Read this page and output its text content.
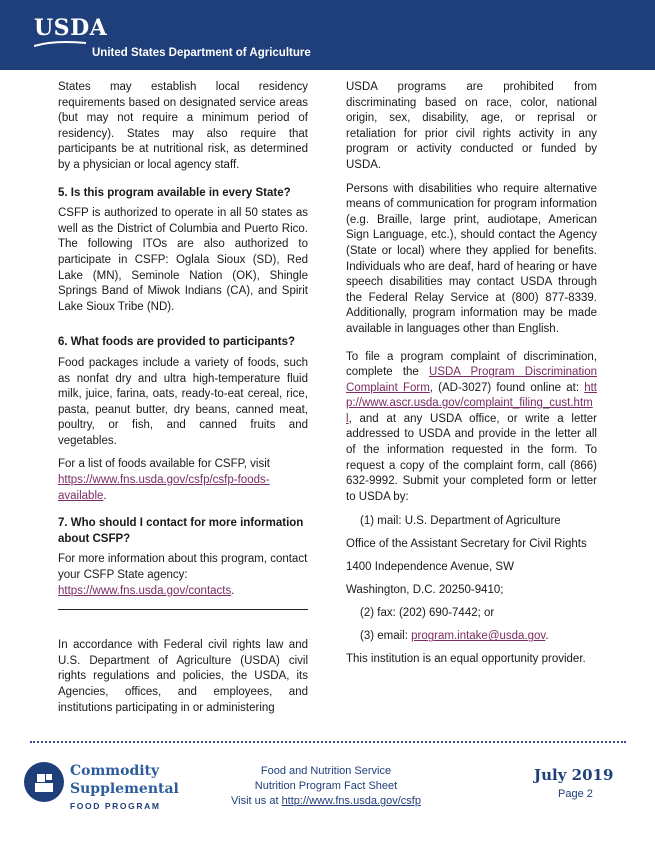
USDA
United States Department of Agriculture

States may establish local residency requirements based on designated service areas (but may not require a minimum period of residency). States may also require that participants be at nutritional risk, as determined by a physician or local agency staff.

5. Is this program available in every State?

CSFP is authorized to operate in all 50 states as well as the District of Columbia and Puerto Rico. The following ITOs are also authorized to participate in CSFP: Oglala Sioux (SD), Red Lake (MN), Seminole Nation (OK), Shingle Springs Band of Miwok Indians (CA), and Spirit Lake Sioux Tribe (ND).

6. What foods are provided to participants?

Food packages include a variety of foods, such as nonfat dry and ultra high-temperature fluid milk, juice, farina, oats, ready-to-eat cereal, rice, pasta, peanut butter, dry beans, canned meat, poultry, or fish, and canned fruits and vegetables.

For a list of foods available for CSFP, visit https://www.fns.usda.gov/csfp/csfp-foods-available.

7. Who should I contact for more information about CSFP?

For more information about this program, contact your CSFP State agency: https://www.fns.usda.gov/contacts.

In accordance with Federal civil rights law and U.S. Department of Agriculture (USDA) civil rights regulations and policies, the USDA, its Agencies, offices, and employees, and institutions participating in or administering

USDA programs are prohibited from discriminating based on race, color, national origin, sex, disability, age, or reprisal or retaliation for prior civil rights activity in any program or activity conducted or funded by USDA.

Persons with disabilities who require alternative means of communication for program information (e.g. Braille, large print, audiotape, American Sign Language, etc.), should contact the Agency (State or local) where they applied for benefits. Individuals who are deaf, hard of hearing or have speech disabilities may contact USDA through the Federal Relay Service at (800) 877-8339. Additionally, program information may be made available in languages other than English.

To file a program complaint of discrimination, complete the USDA Program Discrimination Complaint Form, (AD-3027) found online at: http://www.ascr.usda.gov/complaint_filing_cust.html, and at any USDA office, or write a letter addressed to USDA and provide in the letter all of the information requested in the form. To request a copy of the complaint form, call (866) 632-9992. Submit your completed form or letter to USDA by:

(1) mail: U.S. Department of Agriculture

Office of the Assistant Secretary for Civil Rights

1400 Independence Avenue, SW

Washington, D.C. 20250-9410;

(2) fax: (202) 690-7442; or

(3) email: program.intake@usda.gov.

This institution is an equal opportunity provider.

Commodity
Supplemental
FOOD PROGRAM
Food and Nutrition Service
Nutrition Program Fact Sheet
Visit us at http://www.fns.usda.gov/csfp
July 2019
Page 2
